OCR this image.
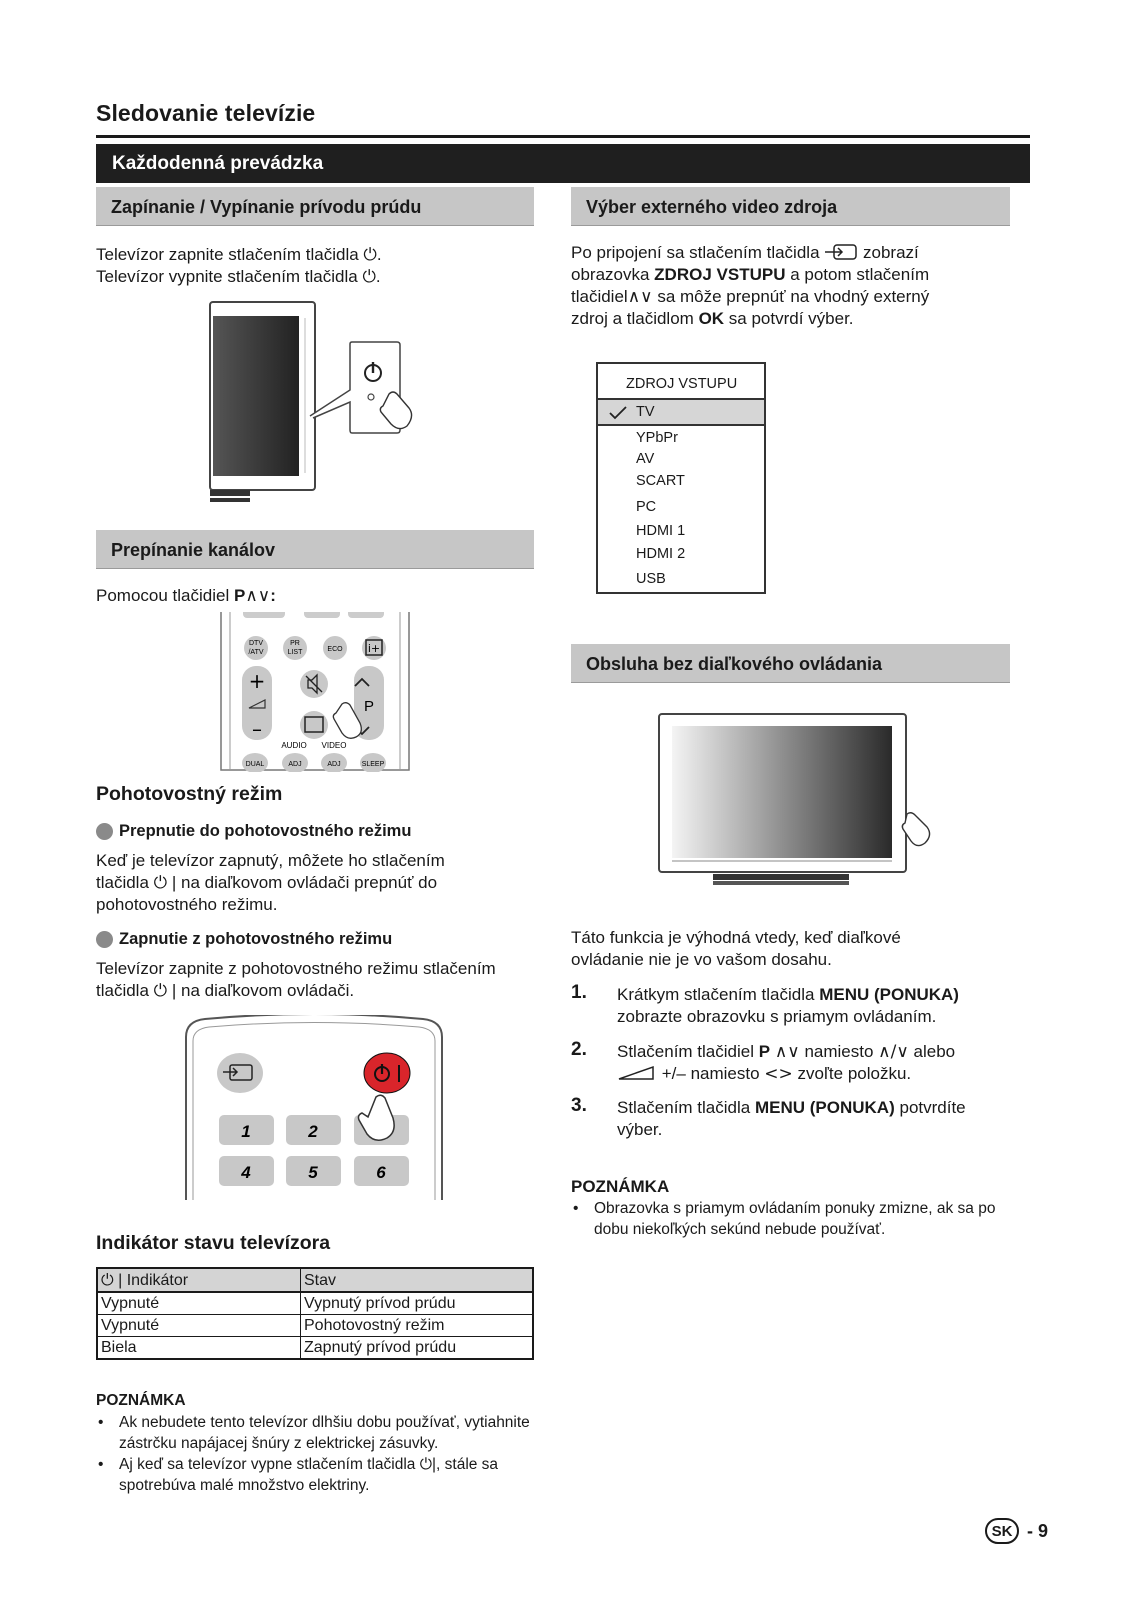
Sledovanie televízie
Každodenná prevádzka
Zapínanie / Vypínanie prívodu prúdu
Televízor zapnite stlačením tlačidla ⏻.
Televízor vypnite stlačením tlačidla ⏻.
Prepínanie kanálov
Pomocou tlačidiel P∧∨:
DTV
/ATV
PR
LIST	ECO i+
+
–
P
AUDIO VIDEO
DUAL	ADJ	ADJ	SLEEP
Pohotovostný režim
Prepnutie do pohotovostného režimu
Keď je televízor zapnutý, môžete ho stlačením
tlačidla ⏻ | na diaľkovom ovládači prepnúť do
pohotovostného režimu.
Zapnutie z pohotovostného režimu
Televízor zapnite z pohotovostného režimu stlačením
tlačidla ⏻ | na diaľkovom ovládači.
1	2
4	5	6
Indikátor stavu televízora
⏻ | Indikátor	Stav
Vypnuté	Vypnutý prívod prúdu
Vypnuté	Pohotovostný režim
Biela	Zapnutý prívod prúdu
POZNÁMKA
• Ak nebudete tento televízor dlhšiu dobu používať, vytiahnite zástrčku napájacej šnúry z elektrickej zásuvky.
• Aj keď sa televízor vypne stlačením tlačidla ⏻|, stále sa spotrebúva malé množstvo elektriny.
Výber externého video zdroja
Po pripojení sa stlačením tlačidla	zobrazí
obrazovka ZDROJ VSTUPU a potom stlačením
tlačidiel∧∨ sa môže prepnúť na vhodný externý
zdroj a tlačidlom OK sa potvrdí výber.
ZDROJ VSTUPU
TV
YPbPr
AV
SCART
PC
HDMI 1
HDMI 2
USB
Obsluha bez diaľkového ovládania
Táto funkcia je výhodná vtedy, keď diaľkové
ovládanie nie je vo vašom dosahu.
1. Krátkym stlačením tlačidla MENU (PONUKA)
zobrazte obrazovku s priamym ovládaním.
2. Stlačením tlačidiel P ∧∨ namiesto ∧/∨ alebo
+/– namiesto <> zvoľte položku.
3. Stlačením tlačidla MENU (PONUKA) potvrdíte
výber.
POZNÁMKA
• Obrazovka s priamym ovládaním ponuky zmizne, ak sa po dobu niekoľkých sekúnd nebude používať.
SK - 9
